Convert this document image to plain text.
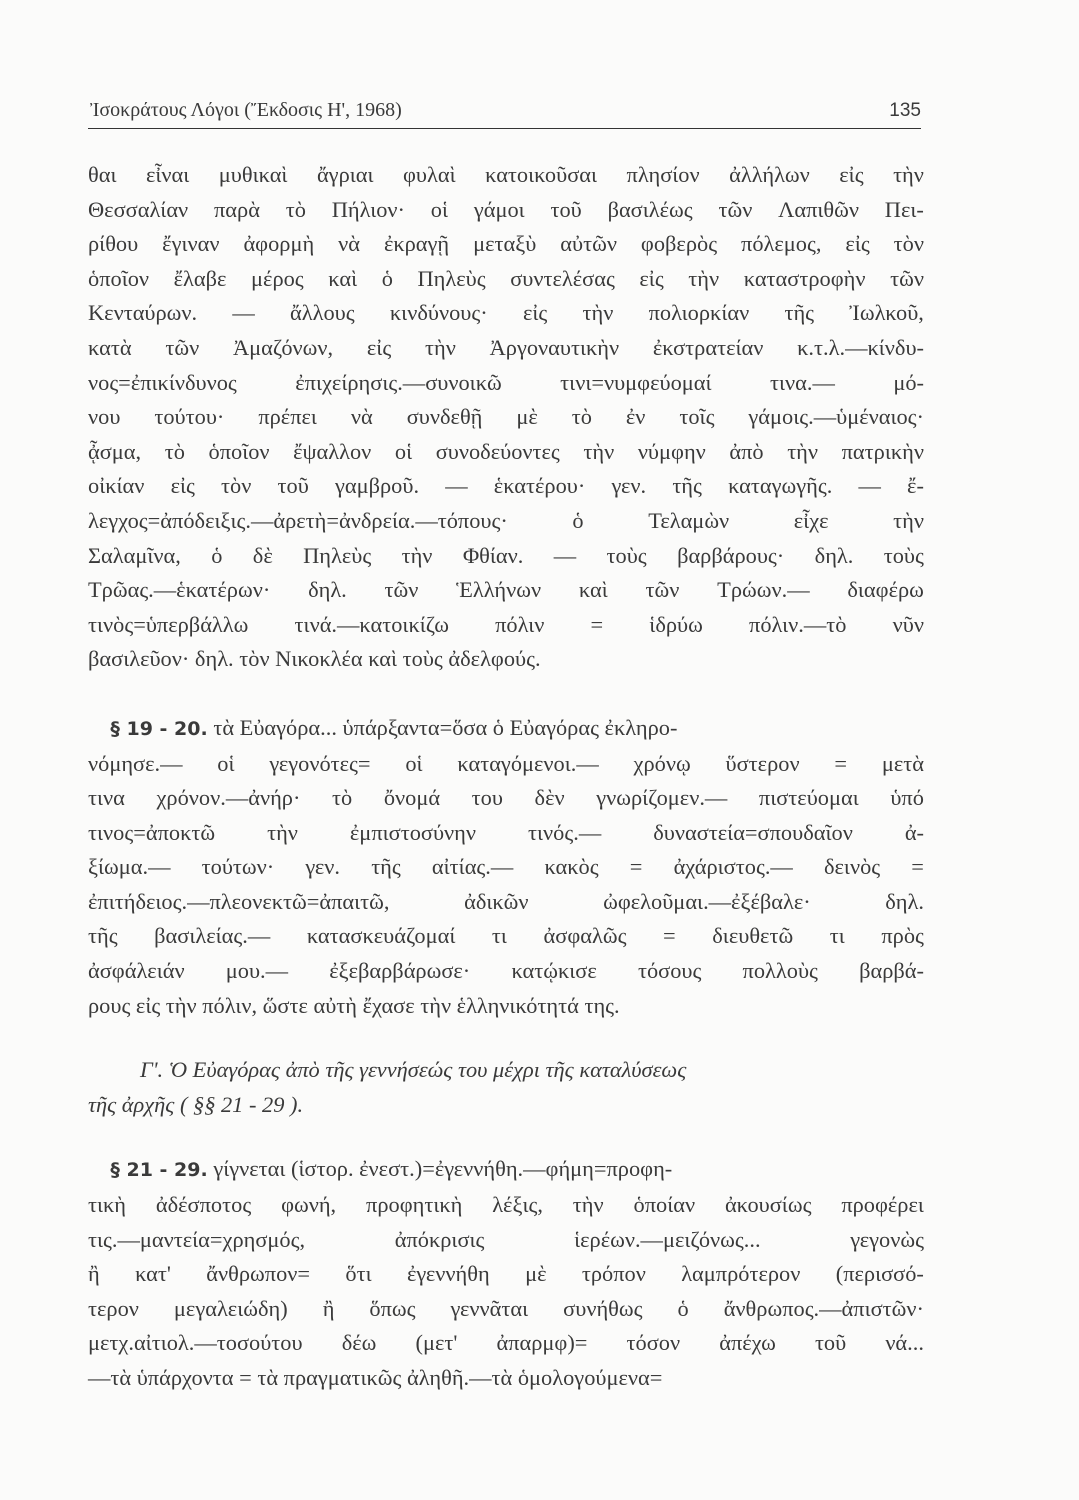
Ἰσοκράτους Λόγοι (Ἔκδοσις Η', 1968)	135
θαι εἶναι μυθικαὶ ἄγριαι φυλαὶ κατοικοῦσαι πλησίον ἀλλήλων εἰς τὴν
Θεσσαλίαν παρὰ τὸ Πήλιον· οἱ γάμοι τοῦ βασιλέως τῶν Λαπιθῶν Πει-
ρίθου ἔγιναν ἀφορμὴ νὰ ἐκραγῇ μεταξὺ αὐτῶν φοβερὸς πόλεμος, εἰς τὸν
ὁποῖον ἔλαβε μέρος καὶ ὁ Πηλεὺς συντελέσας εἰς τὴν καταστροφὴν τῶν
Κενταύρων. — ἄλλους κινδύνους· εἰς τὴν πολιορκίαν τῆς Ἰωλκοῦ,
κατὰ τῶν Ἀμαζόνων, εἰς τὴν Ἀργοναυτικὴν ἐκστρατείαν κ.τ.λ.—κίνδυ-
νος=ἐπικίνδυνος	ἐπιχείρησις.—συνοικῶ	τινι=νυμφεύομαί	τινα.—	μό-
νου τούτου· πρέπει νὰ συνδεθῇ μὲ τὸ ἐν τοῖς γάμοις.—ὑμέναιος·
ᾆσμα, τὸ ὁποῖον ἔψαλλον οἱ συνοδεύοντες τὴν νύμφην ἀπὸ τὴν πατρικὴν
οἰκίαν εἰς τὸν τοῦ γαμβροῦ. — ἑκατέρου· γεν. τῆς καταγωγῆς. — ἔ-
λεγχος=ἀπόδειξις.—ἀρετὴ=ἀνδρεία.—τόπους·	ὁ	Τελαμὼν	εἶχε	τὴν
Σαλαμῖνα, ὁ δὲ Πηλεὺς τὴν Φθίαν. — τοὺς βαρβάρους· δηλ. τοὺς
Τρῶας.—ἑκατέρων· δηλ. τῶν Ἑλλήνων καὶ τῶν Τρώων.— διαφέρω
τινὸς=ὑπερβάλλω τινά.—κατοικίζω πόλιν = ἱδρύω πόλιν.—τὸ νῦν
βασιλεῦον· δηλ. τὸν Νικοκλέα καὶ τοὺς ἀδελφούς.
§ 19 - 20. τὰ Εὐαγόρα... ὑπάρξαντα=ὅσα ὁ Εὐαγόρας ἐκληρο-
νόμησε.— οἱ γεγονότες= οἱ καταγόμενοι.— χρόνῳ ὕστερον = μετὰ
τινα χρόνον.—ἀνήρ· τὸ ὄνομά του δὲν γνωρίζομεν.— πιστεύομαι ὑπό
τινος=ἀποκτῶ τὴν ἐμπιστοσύνην τινός.— δυναστεία=σπουδαῖον ἀ-
ξίωμα.— τούτων· γεν. τῆς αἰτίας.— κακὸς = ἀχάριστος.— δεινὸς =
ἐπιτήδειος.—πλεονεκτῶ=ἀπαιτῶ,	ἀδικῶν	ὠφελοῦμαι.—ἐξέβαλε·	δηλ.
τῆς βασιλείας.— κατασκευάζομαί τι ἀσφαλῶς = διευθετῶ τι πρὸς
ἀσφάλειάν μου.— ἐξεβαρβάρωσε· κατῴκισε τόσους πολλοὺς βαρβά-
ρους εἰς τὴν πόλιν, ὥστε αὐτὴ ἔχασε τὴν ἑλληνικότητά της.
Γ'. Ὁ Εὐαγόρας ἀπὸ τῆς γεννήσεώς του μέχρι τῆς καταλύσεως
τῆς ἀρχῆς ( §§ 21 - 29 ).
§ 21 - 29. γίγνεται (ἱστορ. ἐνεστ.)=ἐγεννήθη.—φήμη=προφη-
τικὴ ἀδέσποτος φωνή, προφητικὴ λέξις, τὴν ὁποίαν ἀκουσίως προφέρει
τις.—μαντεία=χρησμός,	ἀπόκρισις	ἱερέων.—μειζόνως...	γεγονὼς
ἢ κατ' ἄνθρωπον= ὅτι ἐγεννήθη μὲ τρόπον λαμπρότερον (περισσό-
τερον μεγαλειώδη) ἢ ὅπως γεννᾶται συνήθως ὁ ἄνθρωπος.—ἀπιστῶν·
μετχ.αἰτιολ.—τοσούτου δέω (μετ' ἀπαρμφ)= τόσον ἀπέχω τοῦ νά...
—τὰ ὑπάρχοντα = τὰ πραγματικῶς ἀληθῆ.—τὰ ὁμολογούμενα=
